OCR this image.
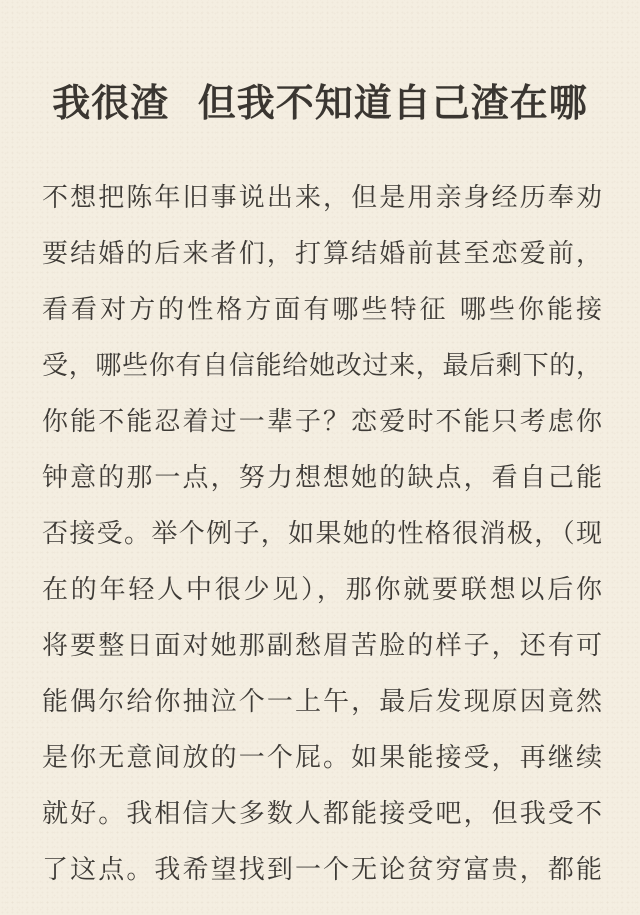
我很渣  但我不知道自己渣在哪
不想把陈年旧事说出来，但是用亲身经历奉劝
要结婚的后来者们，打算结婚前甚至恋爱前，
看看对方的性格方面有哪些特征 哪些你能接
受，哪些你有自信能给她改过来，最后剩下的，
你能不能忍着过一辈子？恋爱时不能只考虑你
钟意的那一点，努力想想她的缺点，看自己能
否接受。举个例子，如果她的性格很消极，（现
在的年轻人中很少见），那你就要联想以后你
将要整日面对她那副愁眉苦脸的样子，还有可
能偶尔给你抽泣个一上午，最后发现原因竟然
是你无意间放的一个屁。如果能接受，再继续
就好。我相信大多数人都能接受吧，但我受不
了这点。我希望找到一个无论贫穷富贵，都能
